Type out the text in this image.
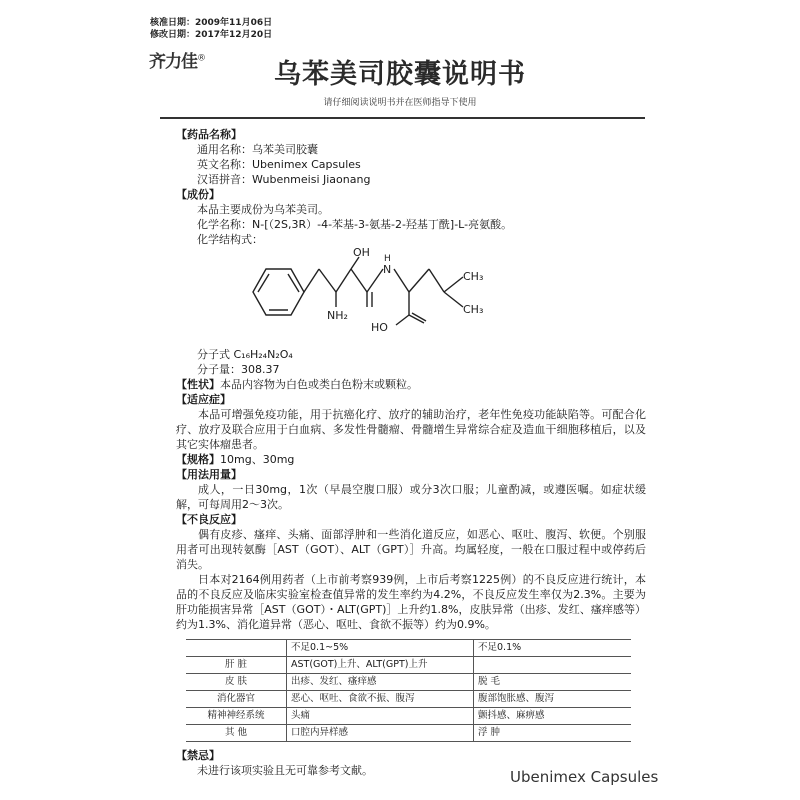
核准日期：2009年11月06日
修改日期：2017年12月20日
齐力佳®
乌苯美司胶囊说明书
请仔细阅读说明书并在医师指导下使用
【药品名称】
通用名称：乌苯美司胶囊
英文名称：Ubenimex Capsules
汉语拼音：Wubenmeisi Jiaonang
【成份】
本品主要成份为乌苯美司。
化学名称：N-[（2S,3R）-4-苯基-3-氨基-2-羟基丁酰]-L-亮氨酸。
化学结构式：
OH
N
H
CH₃
CH₃
NH₂
HO
分子式 C₁₆H₂₄N₂O₄
分子量：308.37
【性状】本品内容物为白色或类白色粉末或颗粒。
【适应症】
本品可增强免疫功能，用于抗癌化疗、放疗的辅助治疗，老年性免疫功能缺陷等。可配合化疗、放疗及联合应用于白血病、多发性骨髓瘤、骨髓增生异常综合症及造血干细胞移植后，以及其它实体瘤患者。
【规格】10mg、30mg
【用法用量】
成人，一日30mg，1次（早晨空腹口服）或分3次口服；儿童酌减，或遵医嘱。如症状缓解，可每周用2～3次。
【不良反应】
偶有皮疹、瘙痒、头痛、面部浮肿和一些消化道反应，如恶心、呕吐、腹泻、软便。个别服用者可出现转氨酶［AST（GOT）、ALT（GPT）］升高。均属轻度，一般在口服过程中或停药后消失。
日本对2164例用药者（上市前考察939例，上市后考察1225例）的不良反应进行统计，本品的不良反应及临床实验室检查值异常的发生率约为4.2%，不良反应发生率仅为2.3%。主要为肝功能损害异常［AST（GOT）・ALT(GPT)］上升约1.8%，皮肤异常（出疹、发红、瘙痒感等）约为1.3%、消化道异常（恶心、呕吐、食欲不振等）约为0.9%。
	不足0.1~5%	不足0.1%
肝 脏	AST(GOT)上升、ALT(GPT)上升	
皮 肤	出疹、发红、瘙痒感	脱 毛
消化器官	恶心、呕吐、食欲不振、腹泻	腹部饱胀感、腹泻
精神神经系统	头痛	颤抖感、麻痹感
其 他	口腔内异样感	浮 肿
【禁忌】
未进行该项实验且无可靠参考文献。	Ubenimex Capsules
